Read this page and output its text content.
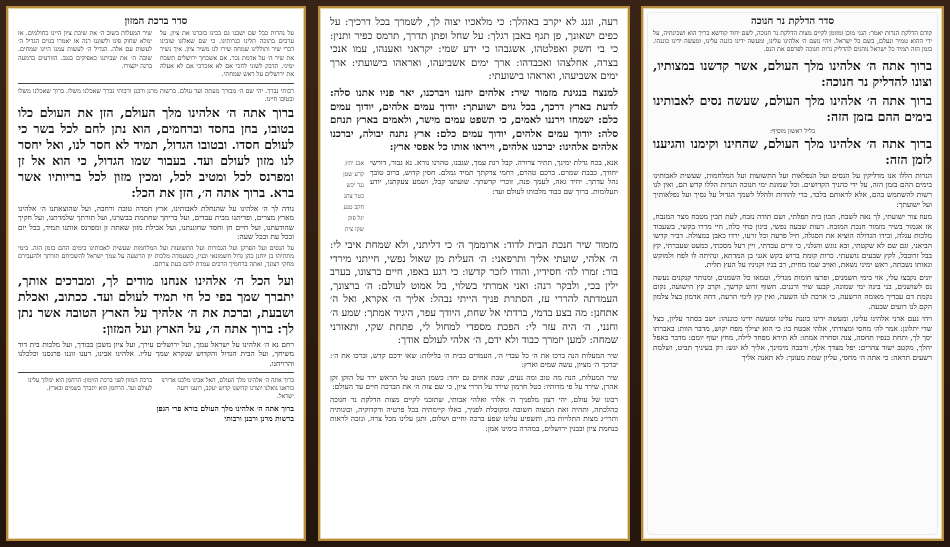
סדר ברכת המזון
על נהרות בבל שם ישבנו גם בכינו בזכרנו את ציון. על ערבים בתוכה תלינו כנרותינו. כי שם שאלונו שובינו דברי שיר ותוללינו שמחה שירו לנו משיר ציון. איך נשיר את שיר ה׳ על אדמת נכר. אם אשכחך ירושלים תשכח ימיני. תדבק לשוני לחכי אם לא אזכרכי אם לא אעלה את ירושלים על ראש שמחתי.
שיר המעלות בשוב ה׳ את שיבת ציון היינו כחולמים. אז ימלא שחוק פינו ולשוננו רנה אז יאמרו בגוים הגדיל ה׳ לעשות עם אלה. הגדיל ה׳ לעשות עמנו היינו שמחים. שובה ה׳ את שביתנו כאפיקים בנגב. הזורעים בדמעה ברנה יקצורו.
רבותי נברך. יהי שם ה׳ מבורך מעתה ועד עולם. ברשות מרנן ורבנן ורבותי נברך שאכלנו משלו. ברוך שאכלנו משלו ובטובו חיינו.

ברוך אתה ה׳ אלהינו מלך העולם, הזן את העולם כלו בטובו, בחן בחסד וברחמים, הוא נתן לחם לכל בשר כי לעולם חסדו. ובטובו הגדול, תמיד לא חסר לנו, ואל יחסר לנו מזון לעולם ועד. בעבור שמו הגדול, כי הוא אל זן ומפרנס לכל ומטיב לכל, ומכין מזון לכל בריותיו אשר ברא. ברוך אתה ה׳, הזן את הכל:

נודה לך ה׳ אלהינו על שהנחלת לאבותינו, ארץ חמדה טובה ורחבה, ועל שהוצאתנו ה׳ אלהינו מארץ מצרים, ופדיתנו מבית עבדים, ועל בריתך שחתמת בבשרנו, ועל תורתך שלמדתנו, ועל חקיך שהודעתנו, ועל חיים חן וחסד שחוננתנו, ועל אכילת מזון שאתה זן ומפרנס אותנו תמיד, בכל יום ובכל עת ובכל שעה:

על הנסים ועל הפרקן ועל הגבורות ועל התשועות ועל המלחמות שעשית לאבותינו בימים ההם בזמן הזה. בימי מתתיהו בן יוחנן כהן גדול חשמונאי ובניו, כשעמדה מלכות יון הרשעה על עמך ישראל להשכיחם תורתך ולהעבירם מחקי רצונך, ואתה ברחמיך הרבים עמדת להם בעת צרתם.

ועל הכל ה׳ אלהינו אנחנו מודים לך, ומברכים אותך, יתברך שמך בפי כל חי תמיד לעולם ועד. ככתוב, ואכלת ושבעת, וברכת את ה׳ אלהיך על הארץ הטובה אשר נתן לך: ברוך אתה ה׳, על הארץ ועל המזון:

רחם נא ה׳ אלהינו על ישראל עמך, ועל ירושלים עירך, ועל ציון משכן כבודך, ועל מלכות בית דוד משיחך, ועל הבית הגדול והקדוש שנקרא שמך עליו. אלהינו אבינו, רענו זוננו פרנסנו וכלכלנו והרויחנו.

ברוך אתה ה׳ אלהינו מלך העולם, האל אבינו מלכנו אדירנו בוראנו גואלנו יוצרנו קדושנו קדוש יעקב, רוענו רועה ישראל.
ברכת המזון לפני ברכת הזימון: הרחמן הוא ימלוך עלינו לעולם ועד. הרחמן הוא יתברך בשמים ובארץ.
ברוך אתה ה׳ אלהינו מלך העולם בורא פרי הגפן
ברשות מרנן ורבנן ורבותי

רעה, וגנג לא יקרב באהלך: כי מלאכיו יצוה לך, לשמרך בכל דרכיך: על כפים ישאונך, פן תגף באבן רגלך: על שחל ופתן תדרך, תרמס כפיר ותנין: כי בי חשק ואפלטהו, אשגבהו כי ידע שמי: יקראני ואענהו, עמו אנכי בצרה, אחלצהו ואכבדהו: ארך ימים אשביעהו, ואראהו בישועתי: ארך ימים אשביעהו, ואראהו בישועתי:

למנצח בנגינת מזמור שיר: אלהים יחננו ויברכנו, יאר פניו אתנו סלה: לדעת בארץ דרכך, בכל גוים ישועתך: יודוך עמים אלהים, יודוך עמים כלם: ישמחו וירננו לאמים, כי תשפט עמים מישר, ולאמים בארץ תנחם סלה: יודוך עמים אלהים, יודוך עמים כלם: ארץ נתנה יבולה, יברכנו אלהים אלהינו: יברכנו אלהים, וייראו אותו כל אפסי ארץ:

אנא, בכח גדלת ימינך, תתיר צרורה. קבל רנת עמך, שגבנו, טהרנו נורא. נא גבור, דורשי יחודך, כבבת שמרם. ברכם טהרם, רחמי צדקתך תמיד גמלם. חסין קדוש, ברוב טובך נהל עדתך. יחיד גאה, לעמך פנה, זוכרי קדשתך. שועתנו קבל, ושמע צעקתנו, יודע תעלומות. ברוך שם כבוד מלכותו לעולם ועד:
אבג יתץ
קרע שטן
נגד יכש
בטר צתג
חקב טנע
יגל פזק
שקו צית

מזמור שיר חנכת הבית לדוד: ארוממך ה׳ כי דליתני, ולא שמחת איבי לי: ה׳ אלהי, שועתי אליך ותרפאני: ה׳ העלית מן שאול נפשי, חייתני מירדי בור: זמרו לה׳ חסידיו, והודו לזכר קדשו: כי רגע באפו, חיים ברצונו, בערב ילין בכי, ולבקר רנה: ואני אמרתי בשלוי, בל אמוט לעולם: ה׳ ברצונך, העמדתה להררי עז, הסתרת פניך הייתי נבהל: אליך ה׳ אקרא, ואל ה׳ אתחנן: מה בצע בדמי, ברדתי אל שחת, היודך עפר, היגיד אמתך: שמע ה׳ וחנני, ה׳ היה עזר לי: הפכת מספדי למחול לי, פתחת שקי, ותאזרני שמחה: למען יזמרך כבוד ולא ידם, ה׳ אלהי לעולם אודך:

שיר המעלות הנה ברכו את ה׳ כל עבדי ה׳, העמדים בבית ה׳ בלילות: שאו ידכם קדש, וברכו את ה׳: יברכך ה׳ מציון, עשה שמים וארץ:

שיר המעלות, הנה מה טוב ומה נעים, שבת אחים גם יחד: כשמן הטוב על הראש ירד על הזקן זקן אהרן, שירד על פי מדותיו: כטל חרמון שירד על הררי ציון, כי שם צוה ה׳ את הברכה חיים עד העולם:

רבונו של עולם, יהי רצון מלפניך ה׳ אלהי ואלהי אבותי, שתזכני לקיים מצות הדלקת נר חנוכה כהלכתה, ותהיה זאת המצוה חשובה ומקובלת לפניך, כאלו קיימתיה בכל פרטיה ודקדוקיה, וכונותיה ותרי״ג מצות התלויות בה, ותשפיע עלינו שפע ברכה וחיים ושלום, ותגן עלינו מכל צרה, ונזכה לראות בנחמת ציון ובבנין ירושלים, במהרה בימינו אמן:

סדר הדלקת נר חנוכה

קודם הדלקת הנרות יאמר: הנני מוכן ומזומן לקיים מצות הדלקת נר חנוכה, לשם יחוד קודשא בריך הוא ושכינתיה, על ידי ההוא טמיר ונעלם, בשם כל ישראל. ויהי נועם ה׳ אלהינו עלינו, ומעשה ידינו כוננה עלינו, ומעשה ידינו כוננהו. בזמן הזה תמיד כל ישראל נוהגים להדליק נרות חנוכה לפרסם את הנס.

ברוך אתה ה׳ אלהינו מלך העולם, אשר קדשנו במצותיו, וצונו להדליק נר חנוכה:

ברוך אתה ה׳ אלהינו מלך העולם, שעשה נסים לאבותינו בימים ההם בזמן הזה:

בליל ראשון מוסיף:

ברוך אתה ה׳ אלהינו מלך העולם, שהחינו וקימנו והגיענו לזמן הזה:

הנרות הללו אנו מדליקין על הנסים ועל הנפלאות ועל התשועות ועל המלחמות, שעשית לאבותינו בימים ההם בזמן הזה, על ידי כהניך הקדושים. וכל שמונת ימי חנוכה הנרות הללו קדש הם, ואין לנו רשות להשתמש בהם, אלא לראותם בלבד, כדי להודות ולהלל לשמך הגדול על נסיך ועל נפלאותיך ועל ישועתך:

מעוז צור ישועתי, לך נאה לשבח, תכון בית תפלתי, ושם תודה נזבח, לעת תכין מטבח מצר המנבח, אז אגמור בשיר מזמור חנכת המזבח. רעות שבעה נפשי, ביגון כחי כלה, חיי מררו בקשי, בשעבוד מלכות עגלה, ובידו הגדולה הוציא את הסגלה, חיל פרעה וכל זרעו, ירדו כאבן במצולה. דביר קדשו הביאני, וגם שם לא שקטתי, ובא נוגש והגלני, כי זרים עבדתי, ויין רעל מסכתי, כמעט שעברתי, קץ בבל זרובבל, לקץ שבעים נושעתי. כרות קומת ברוש בקש אגגי בן המדתא, ונהיתה לו לפח ולמוקש וגאותו נשבתה, ראש ימיני נשאת, ואויב שמו מחית, רב בניו וקניניו על העץ תלית.

יונים נקבצו עלי, אזי בימי חשמנים, ופרצו חומות מגדלי, וטמאו כל השמנים, ומנותר קנקנים נעשה נס לשושנים, בני בינה ימי שמונה, קבעו שיר ורננים. חשוף זרוע קדשך, וקרב קץ הישועה, נקום נקמת דם עבדיך מאומה הרשעה, כי ארכה לנו השעה, ואין קץ לימי הרעה, דחה אדמון בצל צלמון הקם לנו רועים שבעה.

ויהי נעם אדני אלהינו עלינו, ומעשה ידינו כוננה עלינו ומעשה ידינו כוננהו: ישב בסתר עליון, בצל שדי יתלונן: אמר לה׳ מחסי ומצודתי, אלהי אבטח בו: כי הוא יצילך מפח יקוש, מדבר הוות: באברתו יסך לך, ותחת כנפיו תחסה, צנה וסחרה אמתו: לא תירא מפחד לילה, מחץ יעוף יומם: מדבר באפל יהלך, מקטב ישוד צהרים: יפל מצדך אלף, ורבבה מימינך, אליך לא יגש: רק בעיניך תביט, ושלמת רשעים תראה: כי אתה ה׳ מחסי, עליון שמת מעונך: לא תאנה אליך
